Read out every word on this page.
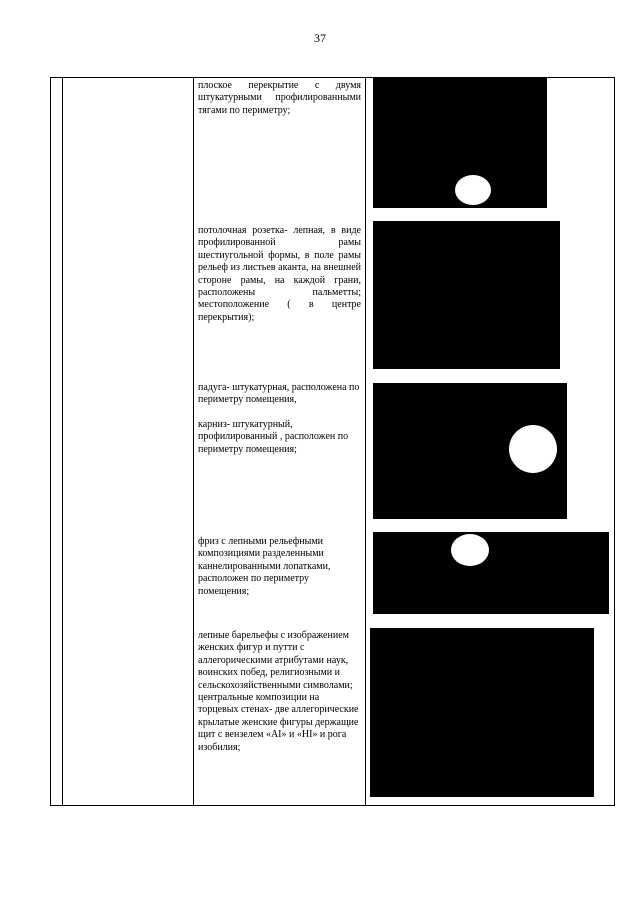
37

плоское перекрытие с двумя штукатурными профилированными тягами по периметру;

потолочная розетка- лепная, в виде профилированной рамы шестиугольной формы, в поле рамы рельеф из листьев аканта, на внешней стороне рамы, на каждой грани, расположены пальметты; местоположение ( в центре перекрытия);

падуга- штукатурная, расположена по периметру помещения,

карниз- штукатурный, профилированный , расположен по периметру помещения;

фриз с лепными рельефными композициями разделенными каннелированными лопатками, расположен по периметру помещения;

лепные барельефы с изображением женских фигур и путти с аллегорическими атрибутами наук, воинских побед, религиозными и сельскохозяйственными символами;

центральные композиции на торцевых стенах- две аллегорические крылатые женские фигуры держащие щит с вензелем «АI» и «НI» и рога изобилия;
